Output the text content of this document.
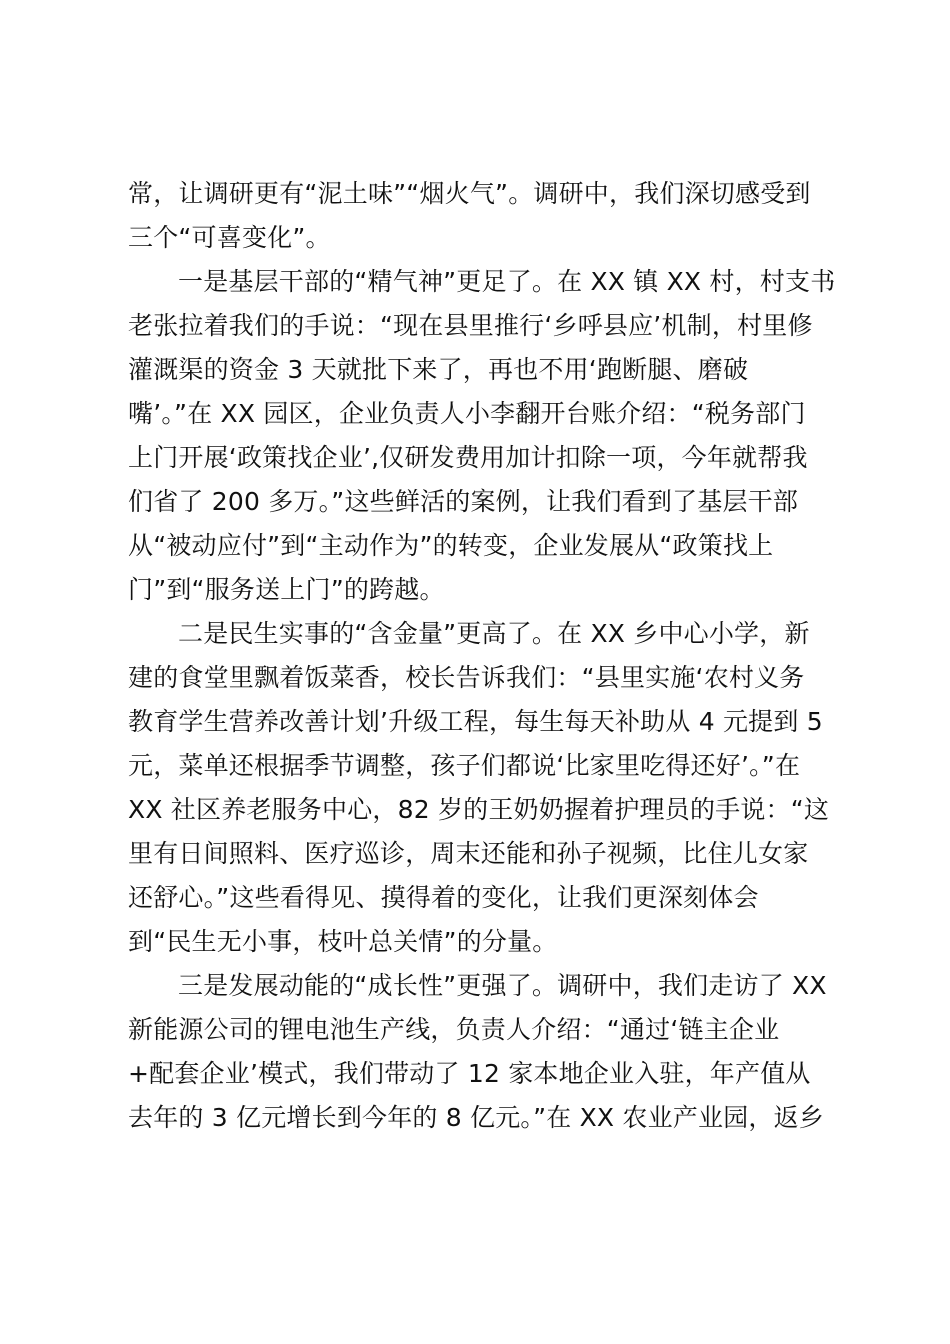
常，让调研更有“泥土味”“烟火气”。调研中，我们深切感受到
三个“可喜变化”。
一是基层干部的“精气神”更足了。在 XX 镇 XX 村，村支书
老张拉着我们的手说：“现在县里推行‘乡呼县应’机制，村里修
灌溉渠的资金 3 天就批下来了，再也不用‘跑断腿、磨破
嘴’。”在 XX 园区，企业负责人小李翻开台账介绍：“税务部门
上门开展‘政策找企业’,仅研发费用加计扣除一项，今年就帮我
们省了 200 多万。”这些鲜活的案例，让我们看到了基层干部
从“被动应付”到“主动作为”的转变，企业发展从“政策找上
门”到“服务送上门”的跨越。
二是民生实事的“含金量”更高了。在 XX 乡中心小学，新
建的食堂里飘着饭菜香，校长告诉我们：“县里实施‘农村义务
教育学生营养改善计划’升级工程，每生每天补助从 4 元提到 5
元，菜单还根据季节调整，孩子们都说‘比家里吃得还好’。”在
XX 社区养老服务中心，82 岁的王奶奶握着护理员的手说：“这
里有日间照料、医疗巡诊，周末还能和孙子视频，比住儿女家
还舒心。”这些看得见、摸得着的变化，让我们更深刻体会
到“民生无小事，枝叶总关情”的分量。
三是发展动能的“成长性”更强了。调研中，我们走访了 XX
新能源公司的锂电池生产线，负责人介绍：“通过‘链主企业
+配套企业’模式，我们带动了 12 家本地企业入驻，年产值从
去年的 3 亿元增长到今年的 8 亿元。”在 XX 农业产业园，返乡
